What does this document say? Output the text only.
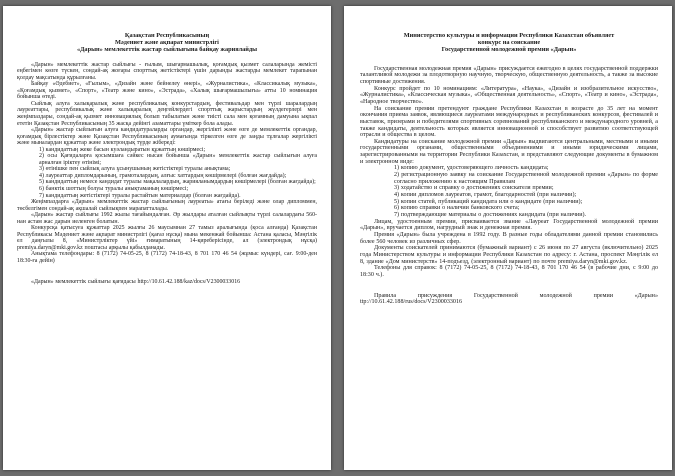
Қазақстан Республикасының
Мәдениет және ақпарат министрлігі
«Дарын» мемлекеттік жастар сыйлығына байқау жариялайды

«Дарын» мемлекеттік жастар сыйлығы - ғылым, шығармашылық, қоғамдық қызмет салаларында жемісті еңбегімен көзге түскен, сондай-ақ жоғары спорттық жетістіктері үшін дарынды жастарды мемлекет тарапынан қолдау мақсатында құрылғаны.

Байқау «Әдебиет», «Ғылым», «Дизайн және бейнелеу өнері», «Журналистика», «Классикалық музыка», «Қоғамдық қызмет», «Спорт», «Театр және кино», «Эстрада», «Халық шығармашылығы» атты 10 номинация бойынша өтеді.

Сыйлық алуға халықаралық және республикалық конкурстардың, фестивальдар мен түрлі шаралардың лауреаттары, республикалық және халықаралық деңгейлердегі спорттық жарыстардың жүлдегерлері мен жеңімпаздары, сондай-ақ қызмет инновациялық болып табылатын және тиісті сала мен қоғамның дамуына ықпал ететін Қазақстан Республикасының 35 жасқа дейінгі азаматтары үміткер бола алады.

«Дарын» жастар сыйлығын алуға кандидатураларды органдар, жергілікті және өзге де мемлекеттік органдар, қоғамдық бірлестіктер және Қазақстан Республикасының аумағында тіркелген өзге де заңды тұлғалар жергілікті және мыналардан құжаттар және электрондық түрде жібереді:

1) кандидаттың жеке басын куәландыратын құжаттың көшірмесі;

2) осы Қағидаларға қосымшаға сәйкес нысан бойынша «Дарын» мемлекеттік жастар сыйлығын алуға арналған іріктеу өтінімі;

3) өтінішке пен сыйлық алуға ұсынушының жетістіктері туралы анықтама;

4) лауреаттар дипломдарының, грамоталардың, алғыс хаттардың көшірмелері (болған жағдайда);

5) кандидаттың немесе кандидат туралы мақалалардың, жарияланымдардың көшірмелері (болған жағдайда);

6) банктік шоттың болуы туралы анықтаманың көшірмесі;

7) кандидаттың жетістіктері туралы растайтын материалдар (болған жағдайда).

Жеңімпаздарға «Дарын» мемлекеттік жастар сыйлығының лауреаты» атағы беріледі және олар дипломмен, төсбелгімен сондай-ақ ақшалай сыйлықпен марапатталады.

«Дарын» жастар сыйлығы 1992 жылы тағайындалған. Әр жылдары аталған сыйлықты түрлі салалардағы 560-нан астам жас дарын иеленген болатын.

Конкурсқа қатысуға құжаттар 2025 жылғы 26 маусымнан 27 тамыз аралығында (қоса алғанда) Қазақстан Республикасы Мәдениет және ақпарат министрлігі (қағаз нұсқа) мына мекенжай бойынша: Астана қаласы, Мәңгілік ел даңғылы 8, «Министрліктер үйі» ғимаратының 14-қиреберісінде, ал (электрондық нұсқа) premiya.daryn@mki.gov.kz поштасы арқылы қабылданады.

Анықтама телефондары: 8 (7172) 74-05-25, 8 (7172) 74-18-43, 8 701 170 46 54 (жұмыс күндері, сағ. 9:00-ден 18:30-ға дейін)

«Дарын» мемлекеттік сыйлығы қағидасы http://10.61.42.188/kaz/docs/V2300033016

Министерство культуры и информации Республики Казахстан объявляет
конкурс на соискание
Государственной молодежной премии «Дарын»

Государственная молодежная премия «Дарын» присуждается ежегодно в целях государственной поддержки талантливой молодежи за плодотворную научную, творческую, общественную деятельность, а также за высокие спортивные достижения.

Конкурс пройдет по 10 номинациям: «Литература», «Наука», «Дизайн и изобразительное искусство», «Журналистика», «Классическая музыка», «Общественная деятельность», «Спорт», «Театр и кино», «Эстрада», «Народное творчество».

На соискание премии претендуют граждане Республики Казахстан в возрасте до 35 лет на момент окончания приема заявок, являющиеся лауреатами международных и республиканских конкурсов, фестивалей и выставок, призерами и победителями спортивных соревнований республиканского и международного уровней, а также кандидаты, деятельность которых является инновационной и способствует развитию соответствующей отрасли и общества в целом.

Кандидатуры на соискание молодежной премии «Дарын» выдвигаются центральными, местными и иными государственными органами, общественными объединениями и иными юридическими лицами, зарегистрированными на территории Республики Казахстан, и представляют следующие документы в бумажном и электронном виде:

1) копию документ, удостоверяющего личность кандидата;

2) регистрационную заявку на соискание Государственной молодежной премии «Дарын» по форме согласно приложению к настоящим Правилам

3) ходатайство и справку о достижениях соискателя премии;

4) копии дипломов лауреатов, грамот, благодарностей (при наличии);

5) копии статей, публикаций кандидата или о кандидате (при наличии);

6) копию справки о наличии банковского счета;

7) подтверждающие материалы о достижениях кандидата (при наличии).

Лицам, удостоенным премии, присваивается звание «Лауреат Государственной молодежной премии «Дарын», вручается диплом, нагрудный знак и денежная премия.

Премия «Дарын» была учреждена в 1992 году. В разные годы обладателями данной премии становились более 560 человек из различных сфер.

Документы соискателей принимаются (бумажный вариант) с 26 июня по 27 августа (включительно) 2025 года Министерством культуры и информации Республики Казахстан по адресу: г. Астана, проспект Мәңгілік ел 8, здание «Дом министерств» 14-подъезд, (электронный вариант) по почте premiya.daryn@mki.gov.kz.

Телефоны для справок: 8 (7172) 74-05-25, 8 (7172) 74-18-43, 8 701 170 46 54 (в рабочие дни, с 9:00 до 18:30 ч.).

Правила присуждения Государственной молодежной премии «Дарын» ttp://10.61.42.188/rus/docs/V2300033016
